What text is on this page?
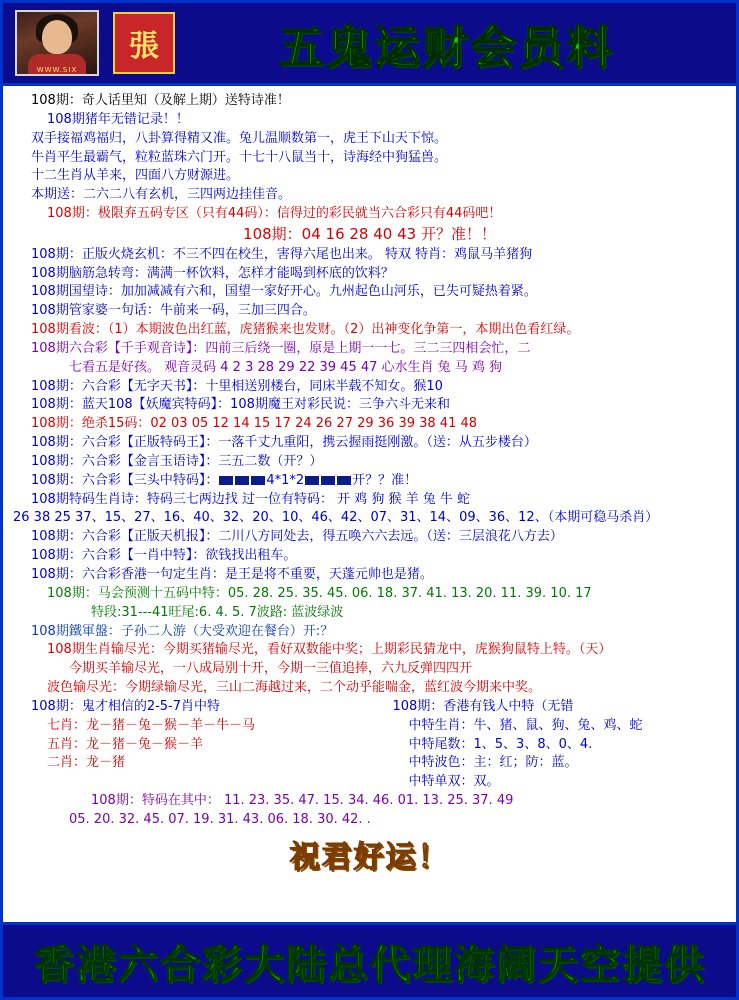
WWW.SIX
張	五鬼运财会员料
108期：奇人话里知（及解上期）送特诗准！
108期猪年无错记录！！
双手接福鸡福归，八卦算得精又准。兔儿温顺数第一，虎王下山天下惊。
牛肖平生最霸气，粒粒蓝珠六门开。十七十八鼠当十，诗海经中狗猛兽。
十二生肖从羊来，四面八方财源进。
本期送：二六二八有玄机，三四两边挂佳音。
108期：极限弃五码专区（只有44码）：信得过的彩民就当六合彩只有44码吧！
108期：04 16 28 40 43 开？准！！
108期：正版火烧玄机：不三不四在校生，害得六尾也出来。 特双 特肖：鸡鼠马羊猪狗
108期脑筋急转弯：满满一杯饮料，怎样才能喝到杯底的饮料？
108期国望诗：加加减减有六和，国望一家好开心。九州起色山河乐，已失可疑热着紧。
108期管家婆一句话：牛前来一码，三加三四合。
108期看波：（1）本期波色出红蓝，虎猪猴来也发财。（2）出神变化争第一，本期出色看红绿。
108期六合彩【千手观音诗】：四前三后绕一圈，原是上期一一七。三二三四相会忙，二
七看五是好孩。 观音灵码 4 2 3 28 29 22 39 45 47 心水生肖 兔 马 鸡 狗
108期：六合彩【无字天书】：十里相送别楼台，同床半载不知女。猴10
108期：蓝天108【妖魔宾特码】：108期魔王对彩民说：三争六斗无来和
108期：绝杀15码：02 03 05 12 14 15 17 24 26 27 29 36 39 38 41 48
108期：六合彩【正版特码王】：一落千丈九重阳，携云握雨挺刚激。（送：从五步楼台）
108期：六合彩【金言玉语诗】：三五二数（开？）
108期：六合彩【三头中特码】：	4*1*2	开？？准！
108期特码生肖诗：特码三七两边找 过一位有特码： 开 鸡 狗 猴 羊 兔 牛 蛇
26 38 25 37、15、27、16、40、32、20、10、46、42、07、31、14、09、36、12、（本期可稳马杀肖）
108期：六合彩【正版天机报】：二川八方同处去，得五唤六六去远。（送：三层浪花八方去）
108期：六合彩【一肖中特】：欲钱找出租车。
108期：六合彩香港一句定生肖：是王是将不重要，天蓬元帅也是猪。
108期：马会预测十五码中特：05. 28. 25. 35. 45. 06. 18. 37. 41. 13. 20. 11. 39. 10. 17
特段:31---41旺尾:6. 4. 5. 7波路: 蓝波绿波
108期鐵軍盤：子孙二人游（大受欢迎在餐台）开:？
108期生肖输尽光：今期买猪输尽光，看好双数能中奖；上期彩民猜龙中，虎猴狗鼠特上特。（天）
今期买羊输尽光，一八成局别十开，今期一三值追捧，六九反弹四四开
波色输尽光：今期绿输尽光，三山二海越过来，二个动乎能喘金，蓝红波今期来中奖。
108期：鬼才相信的2-5-7肖中特
七肖：龙－猪－兔－猴－羊－牛－马
五肖：龙－猪－兔－猴－羊
二肖：龙－猪
108期：香港有钱人中特（无错
中特生肖：牛、猪、鼠、狗、兔、鸡、蛇
中特尾数：1、5、3、8、0、4.
中特波色：主：红；防：蓝。
中特单双：双。
108期：特码在其中： 11. 23. 35. 47. 15. 34. 46. 01. 13. 25. 37. 49
05. 20. 32. 45. 07. 19. 31. 43. 06. 18. 30. 42. .
祝君好运！
香港六合彩大陆总代理海阔天空提供
